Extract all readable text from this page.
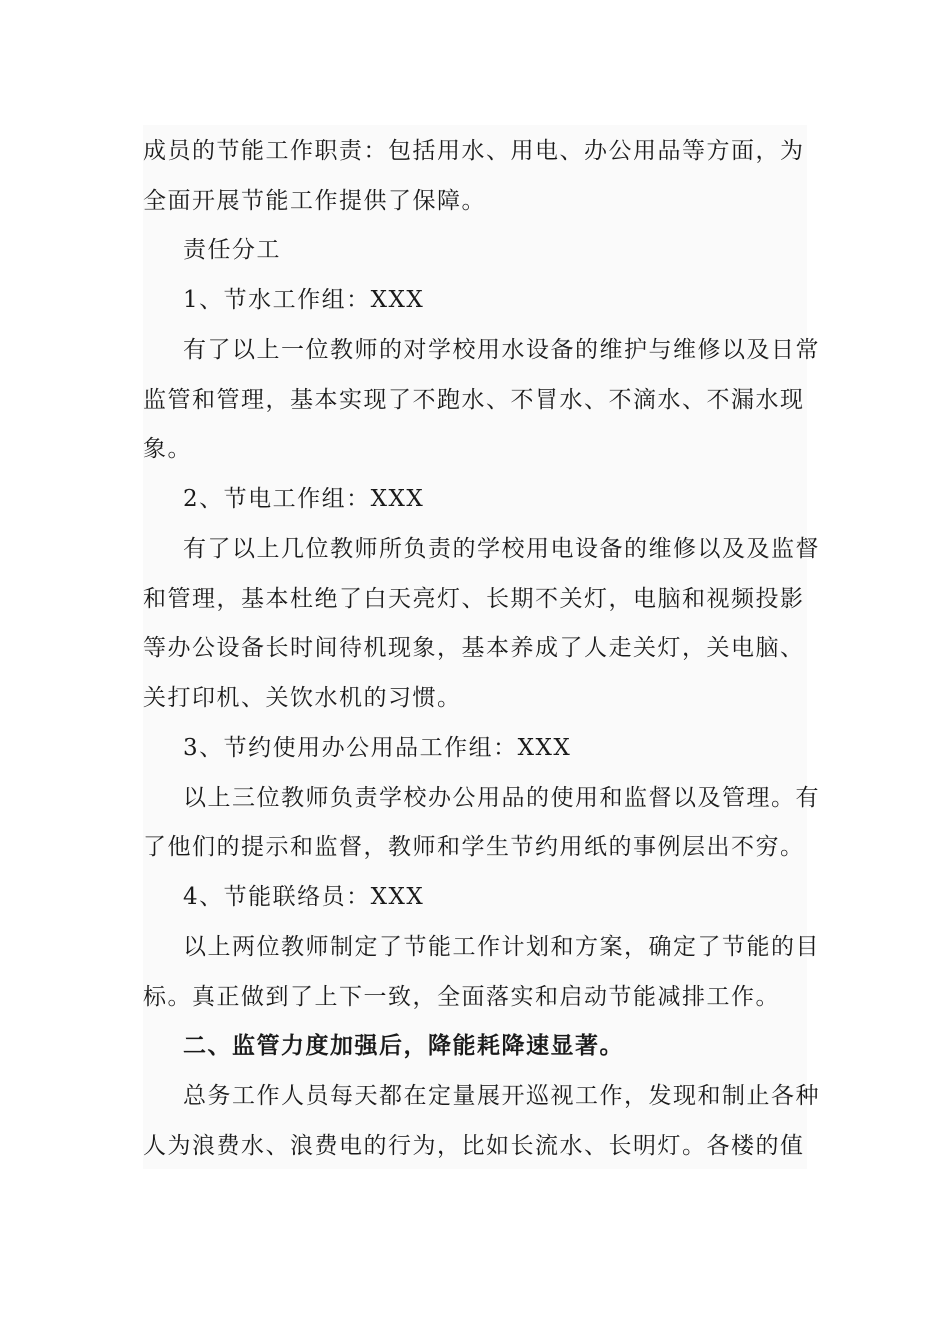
成员的节能工作职责：包括用水、用电、办公用品等方面，为
全面开展节能工作提供了保障。
责任分工
1、节水工作组：XXX
有了以上一位教师的对学校用水设备的维护与维修以及日常
监管和管理，基本实现了不跑水、不冒水、不滴水、不漏水现
象。
2、节电工作组：XXX
有了以上几位教师所负责的学校用电设备的维修以及及监督
和管理，基本杜绝了白天亮灯、长期不关灯，电脑和视频投影
等办公设备长时间待机现象，基本养成了人走关灯，关电脑、
关打印机、关饮水机的习惯。
3、节约使用办公用品工作组：XXX
以上三位教师负责学校办公用品的使用和监督以及管理。有
了他们的提示和监督，教师和学生节约用纸的事例层出不穷。
4、节能联络员：XXX
以上两位教师制定了节能工作计划和方案，确定了节能的目
标。真正做到了上下一致，全面落实和启动节能减排工作。
二、监管力度加强后，降能耗降速显著。
总务工作人员每天都在定量展开巡视工作，发现和制止各种
人为浪费水、浪费电的行为，比如长流水、长明灯。各楼的值
